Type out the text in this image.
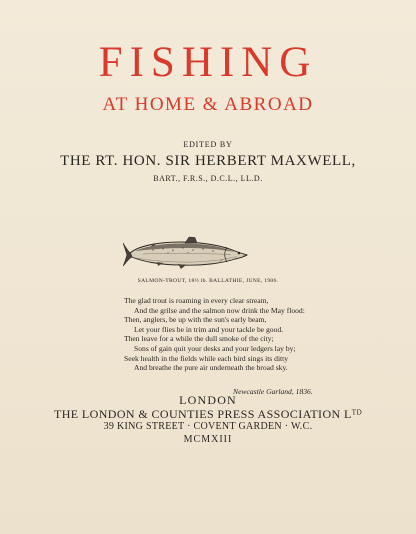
FISHING
AT HOME & ABROAD
EDITED BY
THE RT. HON. SIR HERBERT MAXWELL,
BART., F.R.S., D.C.L., LL.D.
SALMON-TROUT, 18½ lb. BALLATHIE, JUNE, 1906.
The glad trout is roaming in every clear stream,
And the grilse and the salmon now drink the May flood:
Then, anglers, be up with the sun's early beam,
Let your flies be in trim and your tackle be good.
Then leave for a while the dull smoke of the city;
Sons of gain quit your desks and your ledgers lay by;
Seek health in the fields while each bird sings its ditty
And breathe the pure air underneath the broad sky.
Newcastle Garland, 1836.
LONDON
THE LONDON & COUNTIES PRESS ASSOCIATION Lᵀᴰ
39 KING STREET · COVENT GARDEN · W.C.
MCMXIII
